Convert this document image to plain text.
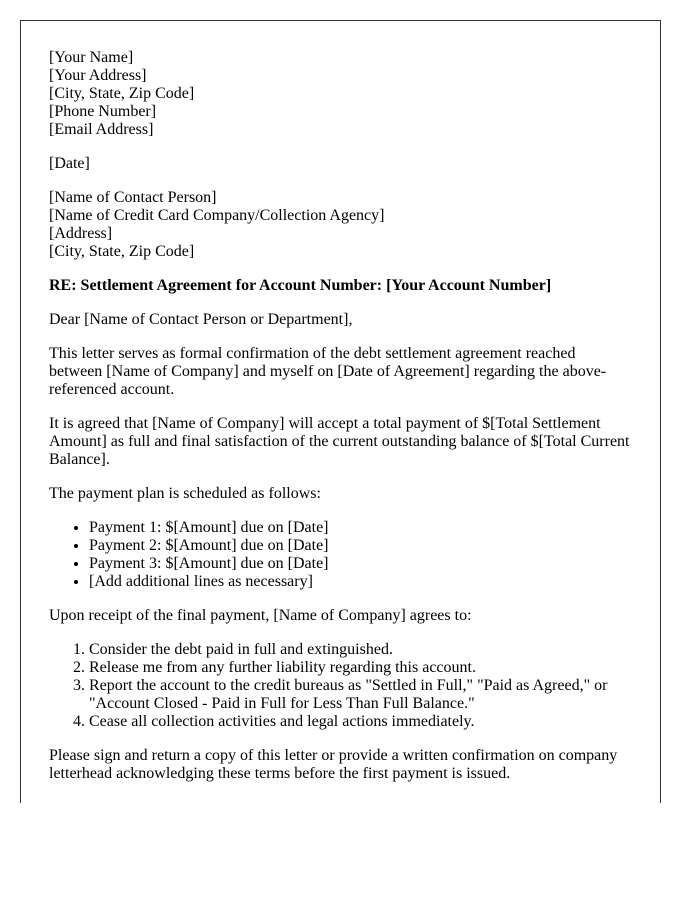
[Your Name]
[Your Address]
[City, State, Zip Code]
[Phone Number]
[Email Address]

[Date]

[Name of Contact Person]
[Name of Credit Card Company/Collection Agency]
[Address]
[City, State, Zip Code]

RE: Settlement Agreement for Account Number: [Your Account Number]

Dear [Name of Contact Person or Department],

This letter serves as formal confirmation of the debt settlement agreement reached between [Name of Company] and myself on [Date of Agreement] regarding the above-referenced account.

It is agreed that [Name of Company] will accept a total payment of $[Total Settlement Amount] as full and final satisfaction of the current outstanding balance of $[Total Current Balance].

The payment plan is scheduled as follows:

• Payment 1: $[Amount] due on [Date]
• Payment 2: $[Amount] due on [Date]
• Payment 3: $[Amount] due on [Date]
• [Add additional lines as necessary]

Upon receipt of the final payment, [Name of Company] agrees to:

1. Consider the debt paid in full and extinguished.
2. Release me from any further liability regarding this account.
3. Report the account to the credit bureaus as "Settled in Full," "Paid as Agreed," or "Account Closed - Paid in Full for Less Than Full Balance."
4. Cease all collection activities and legal actions immediately.

Please sign and return a copy of this letter or provide a written confirmation on company letterhead acknowledging these terms before the first payment is issued.
